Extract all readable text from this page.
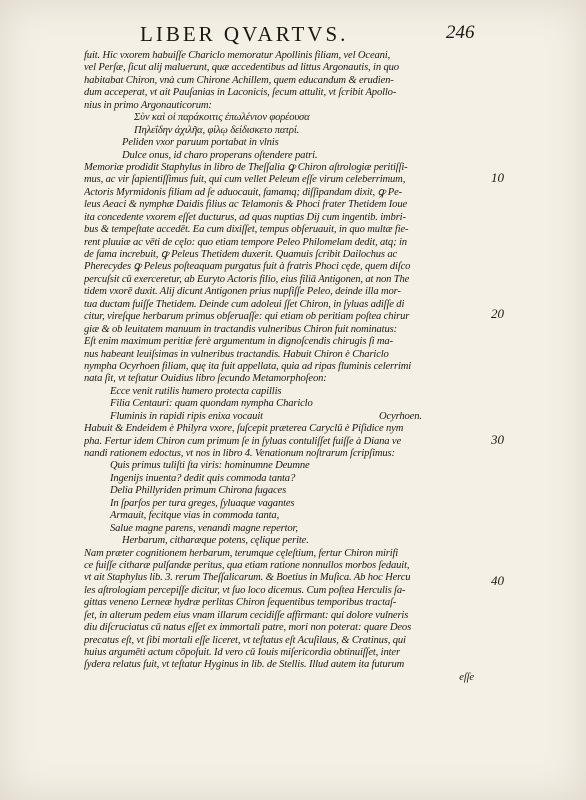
LIBER QVARTVS.	246
10
20
30
40
fuit. Hic vxorem habuiſſe Chariclo memoratur Apollinis filiam, vel Oceani,
vel Perſæ, ſicut alij maluerunt, quæ accedentibus ad littus Argonautis, in quo
habitabat Chiron, vnà cum Chirone Achillem, quem educandum & erudien-
dum acceperat, vt ait Pauſanias in Laconicis, ſecum attulit, vt ſcribit Apollo-
nius in primo Argonauticorum:
Σὺν καὶ οἱ παράκοιτις ἐπωλένιον φορέουσα
Πηλεΐδην ἀχιλῆα, φίλῳ δείδισκετο πατρί.
Peliden vxor paruum portabat in vlnis
Dulce onus, id charo properans oſtendere patri.
Memoriæ prodidit Staphylus in libro de Theſſalia ꝙ Chiron aſtrologiæ peritiſſi-
mus, ac vir ſapientiſſimus fuit, qui cum vellet Peleum eſſe virum celeberrimum,
Actoris Myrmidonis filiam ad ſe aduocauit, famamq; diſſipandam dixit, ꝙ Pe-
leus Aeaci & nymphæ Daidis filius ac Telamonis & Phoci frater Thetidem Ioue
ita concedente vxorem eſſet ducturus, ad quas nuptias Dij cum ingentib. imbri-
bus & tempeſtate accedēt. Ea cum dixiſſet, tempus obſeruauit, in quo multæ fie-
rent pluuiæ ac vēti de cęlo: quo etiam tempore Peleo Philomelam dedit, atq; in
de fama increbuit, ꝙ Peleus Thetidem duxerit. Quamuis ſcribit Dailochus ac
Pherecydes ꝙ Peleus poſteaquam purgatus fuit à fratris Phoci cęde, quem diſco
percuſsit cū exerceretur, ab Euryto Actoris filio, eius filiā Antigonen, at non The
tidem vxorē duxit. Alij dicunt Antigonen prius nupſiſſe Peleo, deinde illa mor-
tua ductam fuiſſe Thetidem. Deinde cum adoleui ſſet Chiron, in ſyluas adiſſe di
citur, vireſque herbarum primus obſeruaſſe: qui etiam ob peritiam poſtea chirur
giæ & ob leuitatem manuum in tractandis vulneribus Chiron fuit nominatus:
Eſt enim maximum peritiæ ferè argumentum in dignoſcendis chirugis ſi ma-
nus habeant leuiſsimas in vulneribus tractandis. Habuit Chiron è Chariclo
nympha Ocyrhoen filiam, quę ita fuit appellata, quia ad ripas fluminis celerrimi
nata ſit, vt teſtatur Ouidius libro ſecundo Metamorphoſeon:
Ecce venit rutilis humero protecta capillis
Filia Centauri: quam quondam nympha Chariclo
Fluminis in rapidi ripis enixa vocauit	Ocyrhoen.
Habuit & Endeidem è Philyra vxore, ſuſcepit præterea Caryclū è Piſidice nym
pha. Fertur idem Chiron cum primum ſe in ſyluas contuliſſet fuiſſe à Diana ve
nandi rationem edoctus, vt nos in libro 4. Venationum noſtrarum ſcripſimus:
Quis primus tuliſti ſta viris: hominumne Deumne
Ingenijs inuenta? dedit quis commoda tanta?
Delia Phillyriden primum Chirona fugaces
In ſparſos per tura greges, ſyluaque vagantes
Armauit, fecitque vias in commoda tanta,
Salue magne parens, venandi magne repertor,
Herbarum, citharæque potens, cęlique perite.
Nam præter cognitionem herbarum, terumque cęleſtium, fertur Chiron mirifi
ce fuiſſe citharæ pulſandæ peritus, qua etiam ratione nonnullos morbos ſedauit,
vt ait Staphylus lib. 3. rerum Theſſalicarum. & Boetius in Muſica. Ab hoc Hercu
les aſtrologiam percepiſſe dicitur, vt ſuo loco dicemus. Cum poſtea Herculis ſa-
gittas veneno Lerneæ hydræ perlitas Chiron ſequentibus temporibus tractaſ-
ſet, in alterum pedem eius vnam illarum cecidiſſe affirmant: qui dolore vulneris
diu diſcruciatus cū natus eſſet ex immortali patre, mori non poterat: quare Deos
precatus eſt, vt ſibi mortali eſſe liceret, vt teſtatus eſt Acuſilaus, & Cratinus, qui
huius argumēti actum cōpoſuit. Id vero cū Iouis miſericordia obtinuiſſet, inter
ſydera relatus fuit, vt teſtatur Hyginus in lib. de Stellis. Illud autem ita futurum
eſſe
